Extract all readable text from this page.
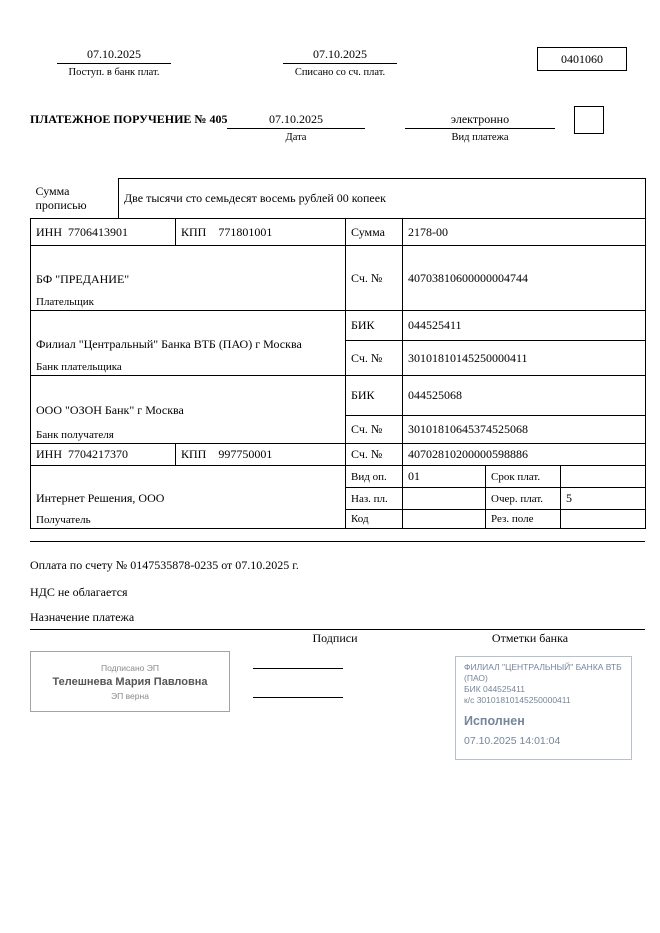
07.10.2025
Поступ. в банк плат.
07.10.2025
Списано со сч. плат.
0401060
ПЛАТЕЖНОЕ ПОРУЧЕНИЕ № 405	07.10.2025
Дата
электронно
Вид платежа
Сумма прописью	Две тысячи сто семьдесят восемь рублей 00 копеек					
ИНН 7706413901		КПП 771801001	Сумма	2178-00		

БФ "ПРЕДАНИЕ"
Плательщик			Сч. №	40703810600000004744		

Филиал "Центральный" Банка ВТБ (ПАО) г Москва
Банк плательщика			БИК	044525411		
			Сч. №	30101810145250000411		

ООО "ОЗОН Банк" г Москва
Банк получателя			БИК	044525068		
			Сч. №	30101810645374525068		
ИНН 7704217370		КПП 997750001	Сч. №	40702810200000598886		

Интернет Решения, ООО
Получатель			Вид оп.	01	Срок плат.	
			Наз. пл.		Очер. плат.	5
			Код		Рез. поле	
Оплата по счету № 0147535878-0235 от 07.10.2025 г.
НДС не облагается
Назначение платежа
Подписи	Отметки банка
Подписано ЭП
Телешнева Мария Павловна
ЭП верна
ФИЛИАЛ "ЦЕНТРАЛЬНЫЙ" БАНКА ВТБ (ПАО)
БИК 044525411
к/с 30101810145250000411
Исполнен
07.10.2025 14:01:04
